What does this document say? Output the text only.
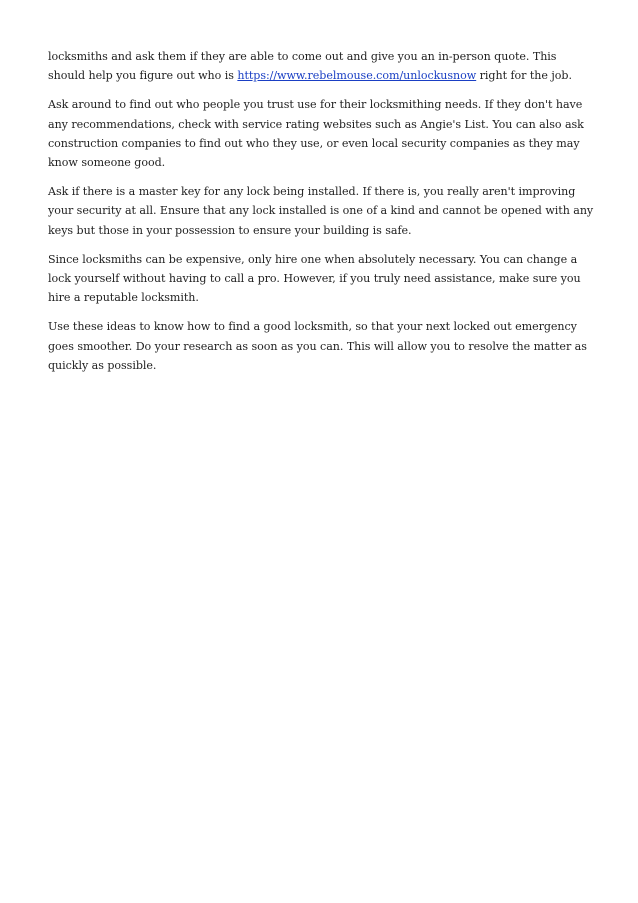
locksmiths and ask them if they are able to come out and give you an in-person quote. This should help you figure out who is https://www.rebelmouse.com/unlockusnow right for the job.

Ask around to find out who people you trust use for their locksmithing needs. If they don't have any recommendations, check with service rating websites such as Angie's List. You can also ask construction companies to find out who they use, or even local security companies as they may know someone good.

Ask if there is a master key for any lock being installed. If there is, you really aren't improving your security at all. Ensure that any lock installed is one of a kind and cannot be opened with any keys but those in your possession to ensure your building is safe.

Since locksmiths can be expensive, only hire one when absolutely necessary. You can change a lock yourself without having to call a pro. However, if you truly need assistance, make sure you hire a reputable locksmith.

Use these ideas to know how to find a good locksmith, so that your next locked out emergency goes smoother. Do your research as soon as you can. This will allow you to resolve the matter as quickly as possible.
